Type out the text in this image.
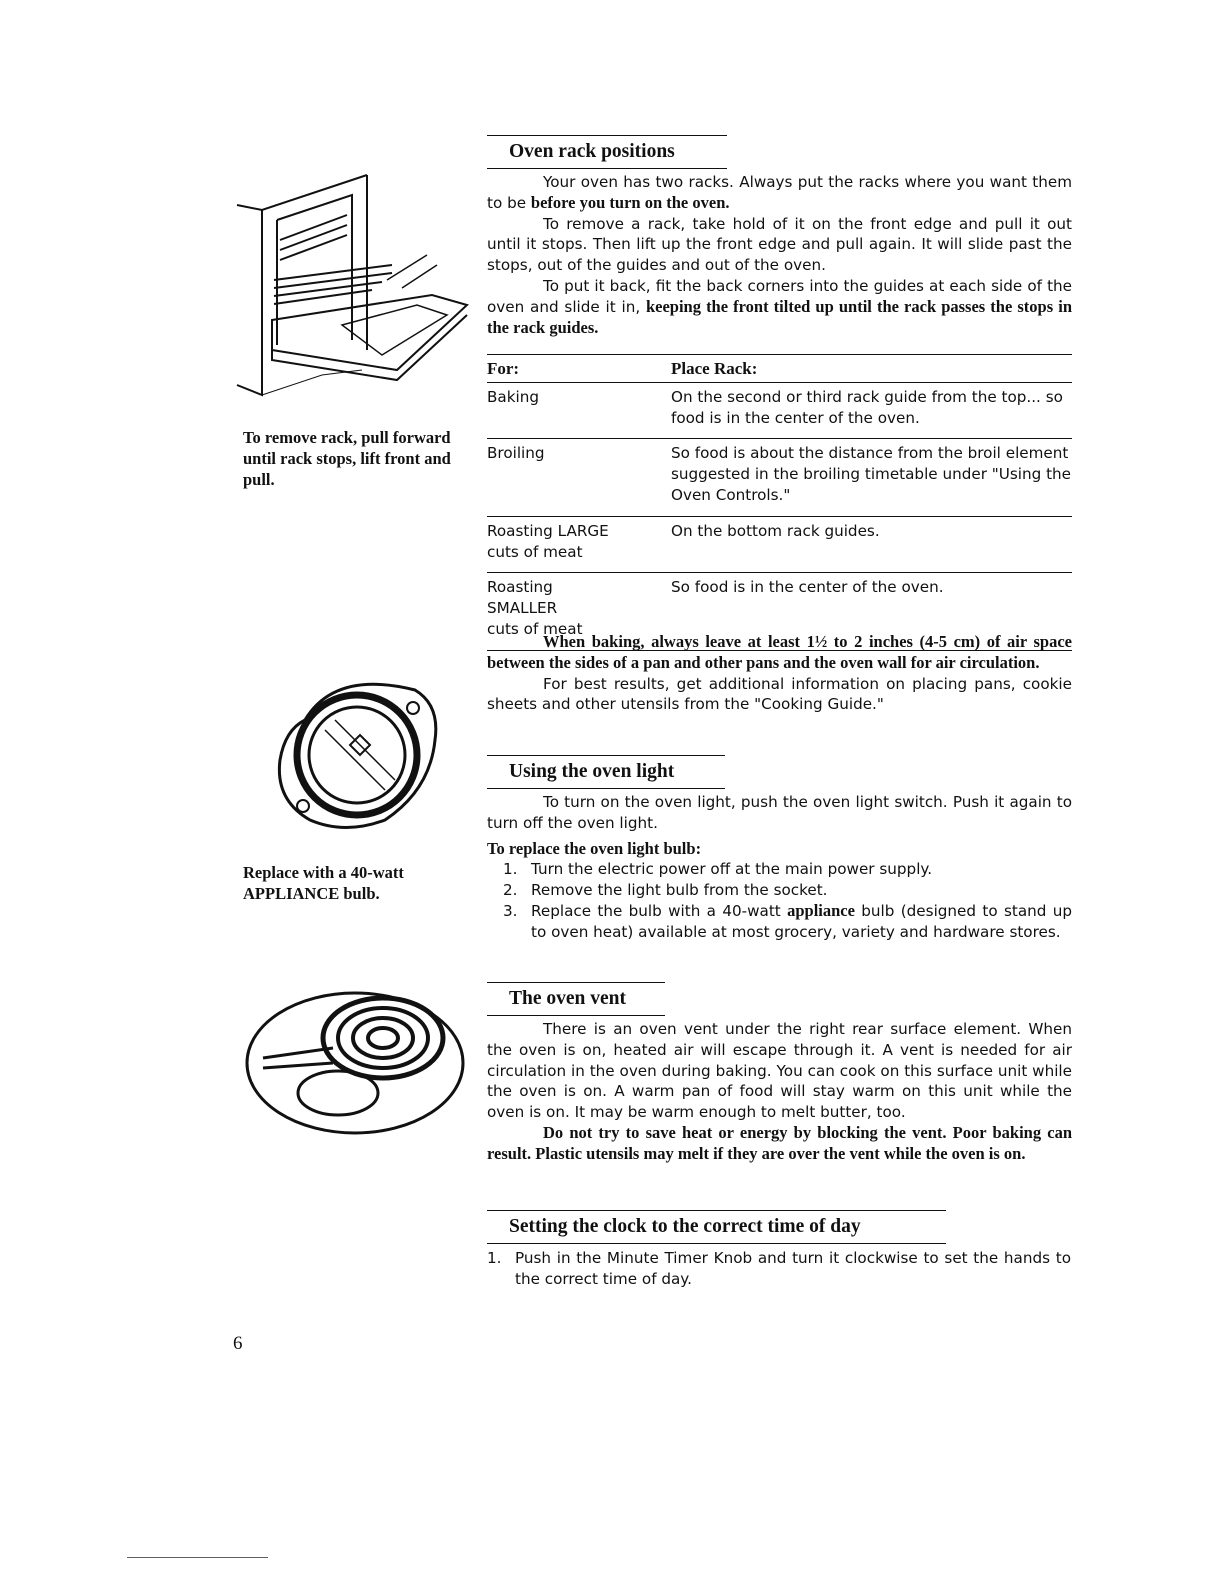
To remove rack, pull forward until rack stops, lift front and pull.
Replace with a 40-watt APPLIANCE bulb.
Oven rack positions

Your oven has two racks. Always put the racks where you want them to be before you turn on the oven.

To remove a rack, take hold of it on the front edge and pull it out until it stops. Then lift up the front edge and pull again. It will slide past the stops, out of the guides and out of the oven.

To put it back, fit the back corners into the guides at each side of the oven and slide it in, keeping the front tilted up until the rack passes the stops in the rack guides.

For:	Place Rack:
Baking	On the second or third rack guide from the top... so food is in the center of the oven.
Broiling	So food is about the distance from the broil element suggested in the broiling timetable under "Using the Oven Controls."

Roasting LARGE
cuts of meat	On the bottom rack guides.

Roasting
SMALLER
cuts of meat	So food is in the center of the oven.

When baking, always leave at least 1½ to 2 inches (4-5 cm) of air space between the sides of a pan and other pans and the oven wall for air circulation.

For best results, get additional information on placing pans, cookie sheets and other utensils from the "Cooking Guide."

Using the oven light

To turn on the oven light, push the oven light switch. Push it again to turn off the oven light.

To replace the oven light bulb:

1. Turn the electric power off at the main power supply.
2. Remove the light bulb from the socket.
3. Replace the bulb with a 40-watt appliance bulb (designed to stand up to oven heat) available at most grocery, variety and hardware stores.
The oven vent

There is an oven vent under the right rear surface element. When the oven is on, heated air will escape through it. A vent is needed for air circulation in the oven during baking. You can cook on this surface unit while the oven is on. A warm pan of food will stay warm on this unit while the oven is on. It may be warm enough to melt butter, too.

Do not try to save heat or energy by blocking the vent. Poor baking can result. Plastic utensils may melt if they are over the vent while the oven is on.

Setting the clock to the correct time of day
1. Push in the Minute Timer Knob and turn it clockwise to set the hands to the correct time of day.
6
